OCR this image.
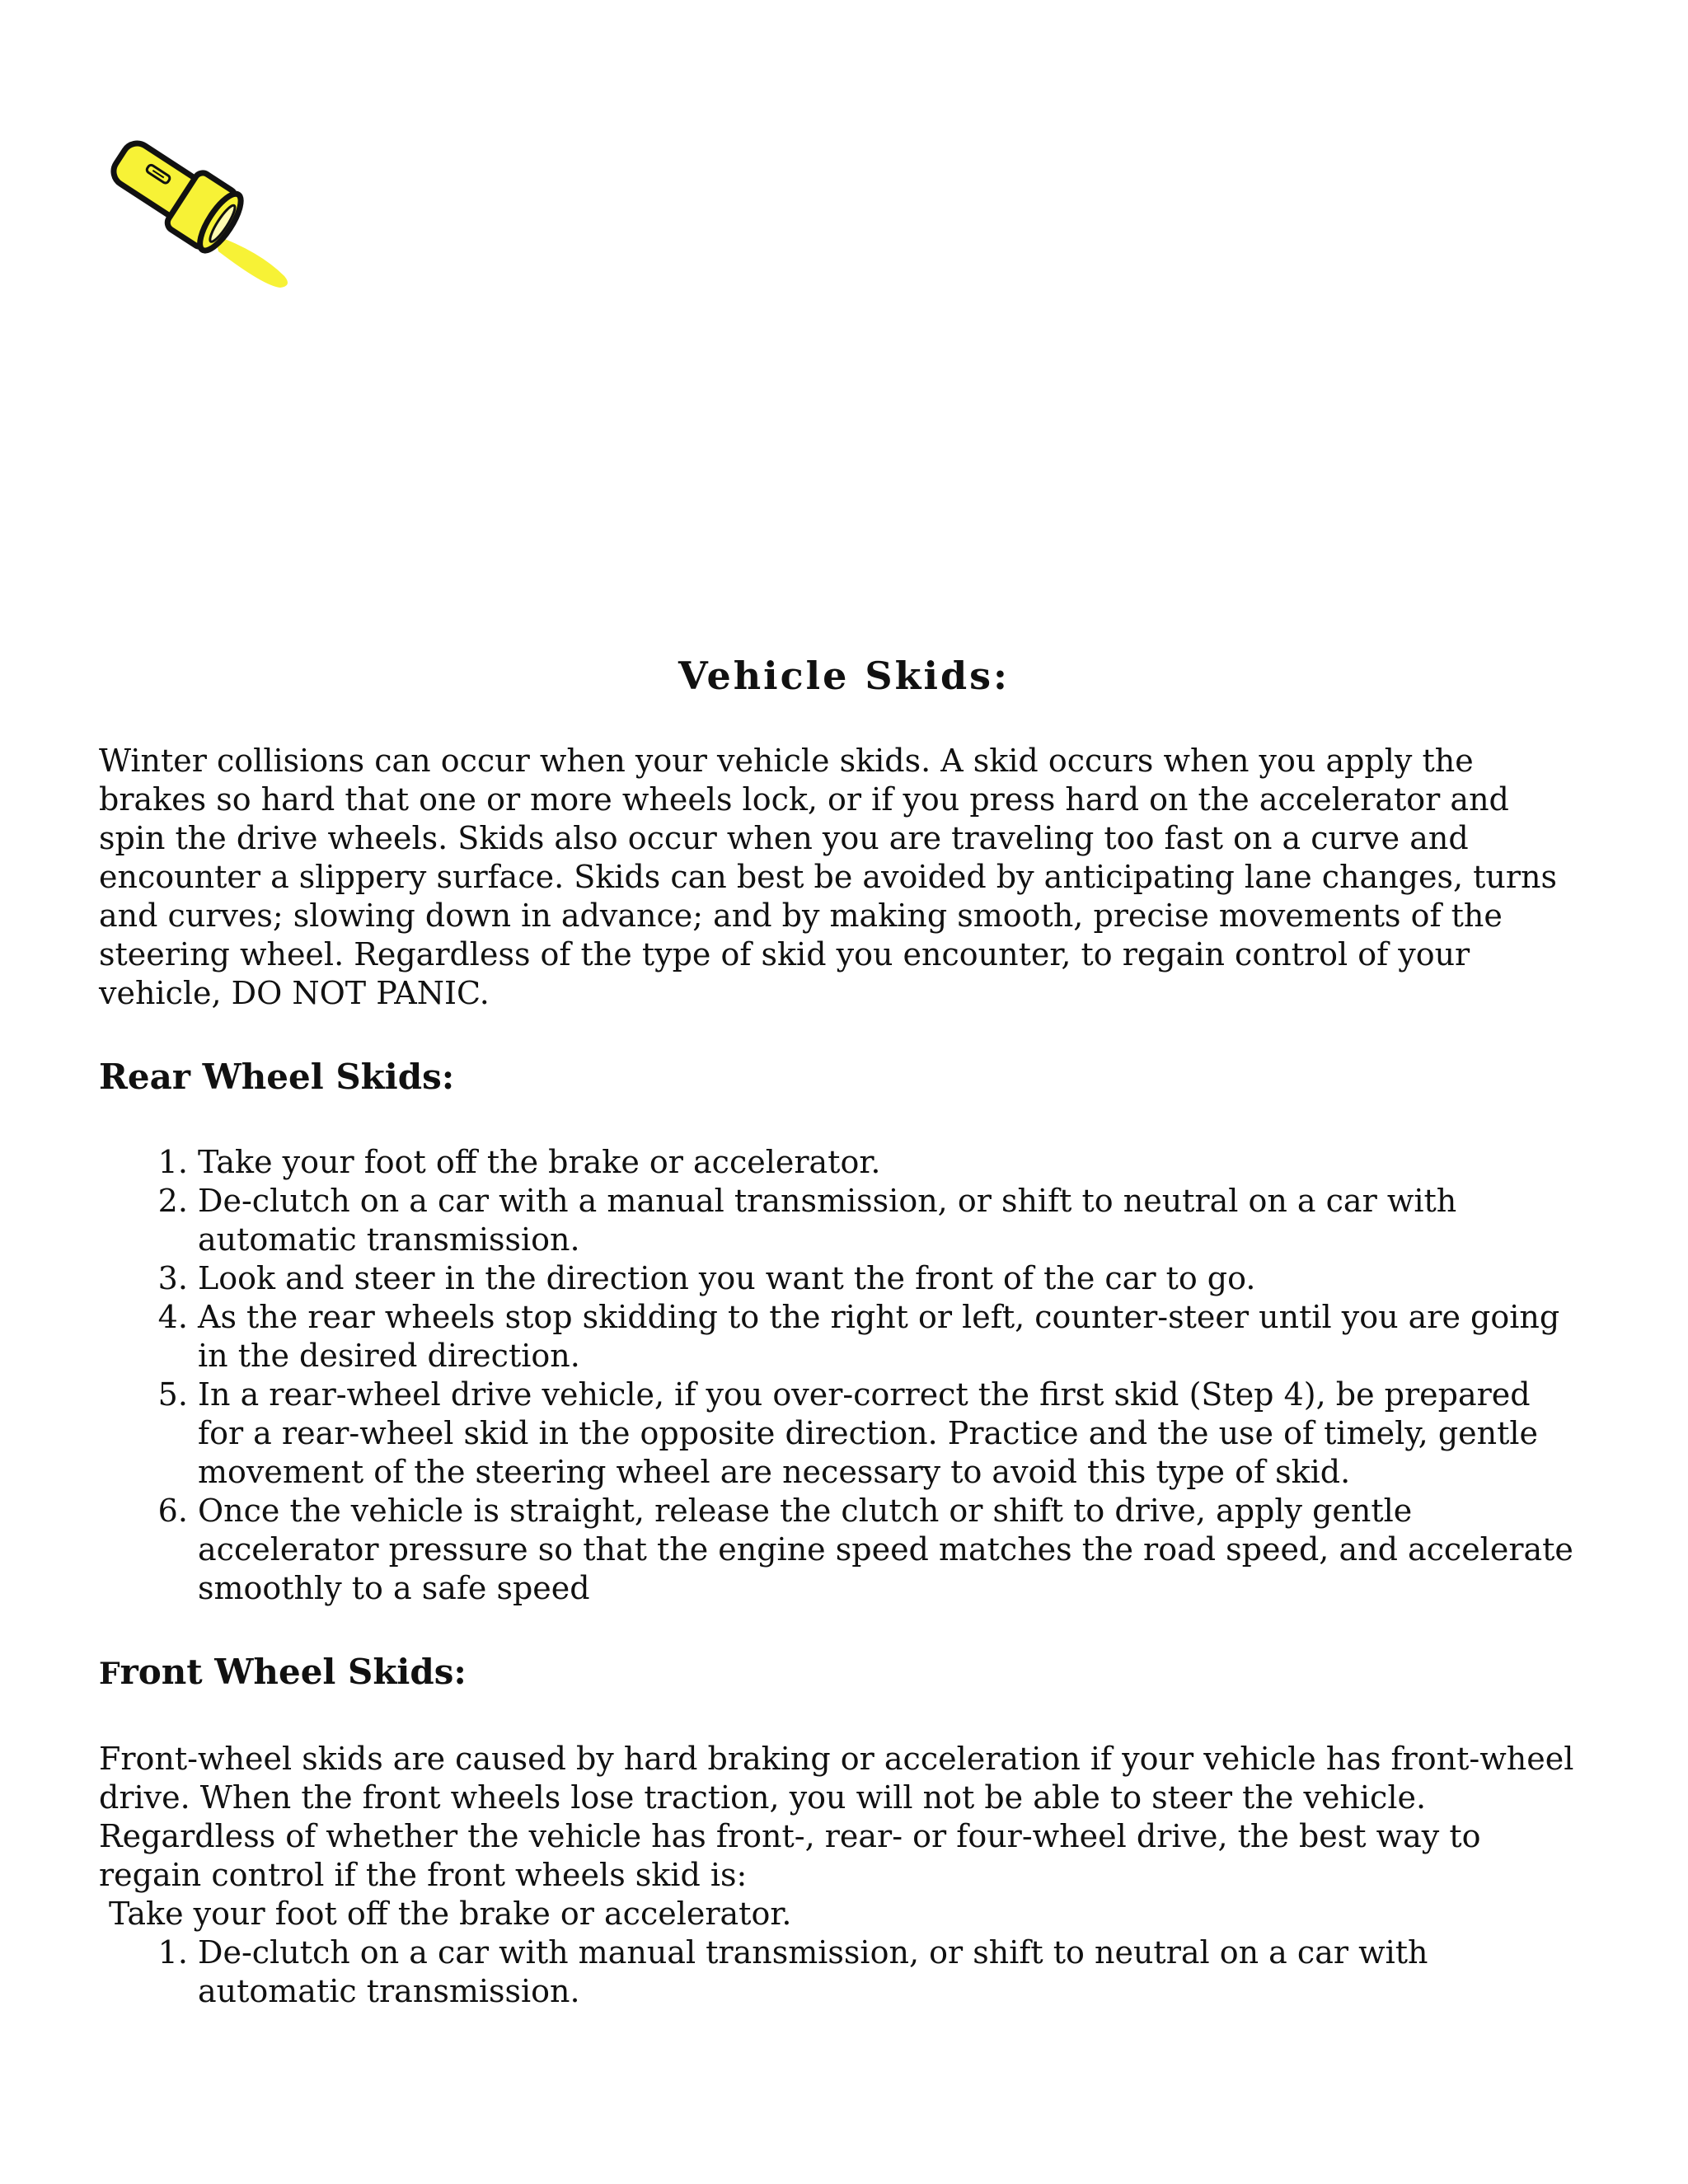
Vehicle Skids:

Winter collisions can occur when your vehicle skids. A skid occurs when you apply the brakes so hard that one or more wheels lock, or if you press hard on the accelerator and spin the drive wheels. Skids also occur when you are traveling too fast on a curve and encounter a slippery surface. Skids can best be avoided by anticipating lane changes, turns and curves; slowing down in advance; and by making smooth, precise movements of the steering wheel. Regardless of the type of skid you encounter, to regain control of your vehicle, DO NOT PANIC.

Rear Wheel Skids:
1. Take your foot off the brake or accelerator.
2. De-clutch on a car with a manual transmission, or shift to neutral on a car with automatic transmission.
3. Look and steer in the direction you want the front of the car to go.
4. As the rear wheels stop skidding to the right or left, counter-steer until you are going in the desired direction.
5. In a rear-wheel drive vehicle, if you over-correct the first skid (Step 4), be prepared for a rear-wheel skid in the opposite direction. Practice and the use of timely, gentle movement of the steering wheel are necessary to avoid this type of skid.
6. Once the vehicle is straight, release the clutch or shift to drive, apply gentle accelerator pressure so that the engine speed matches the road speed, and accelerate smoothly to a safe speed
Front Wheel Skids:

Front-wheel skids are caused by hard braking or acceleration if your vehicle has front-wheel drive. When the front wheels lose traction, you will not be able to steer the vehicle. Regardless of whether the vehicle has front-, rear- or four-wheel drive, the best way to regain control if the front wheels skid is:

Take your foot off the brake or accelerator.

1. De-clutch on a car with manual transmission, or shift to neutral on a car with automatic transmission.
